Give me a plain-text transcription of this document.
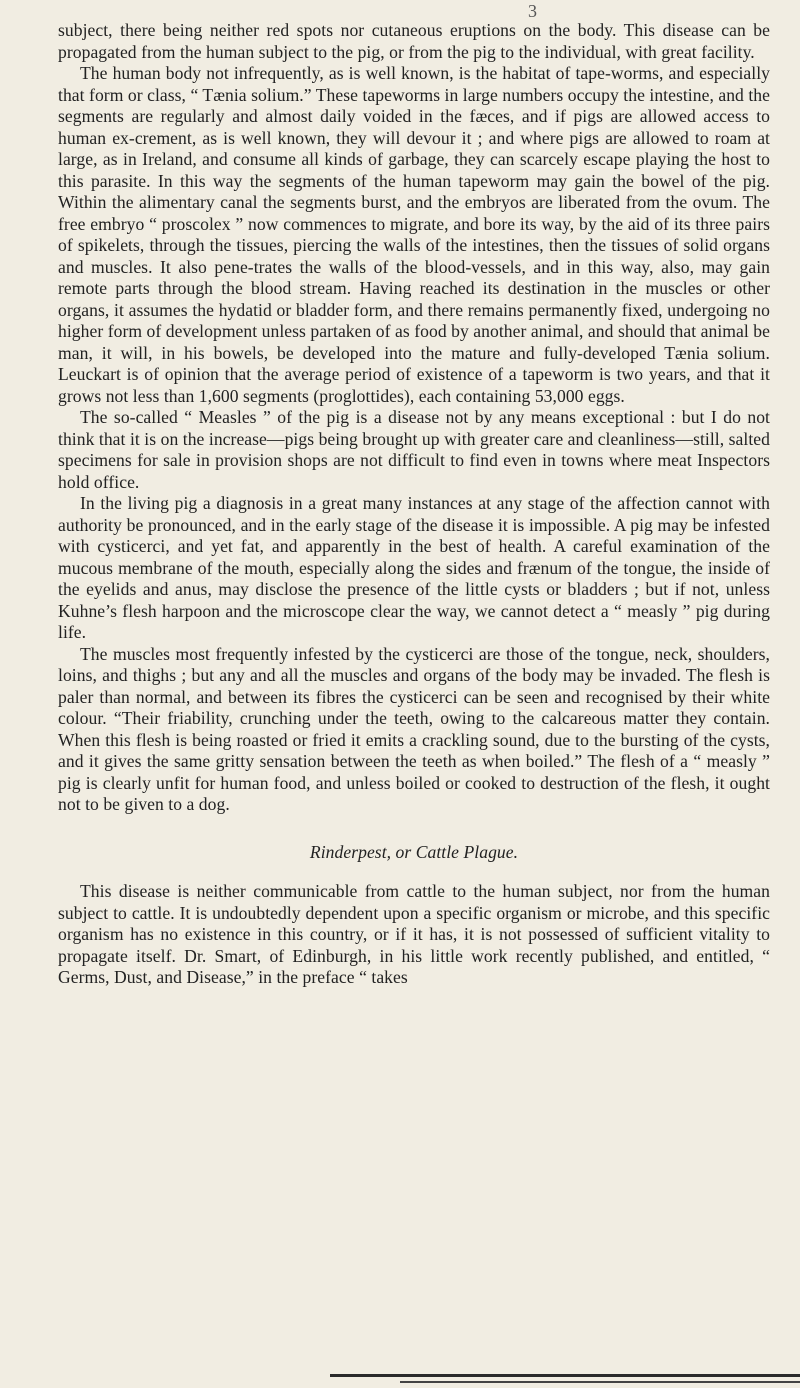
3

subject, there being neither red spots nor cutaneous eruptions on the body. This disease can be propagated from the human subject to the pig, or from the pig to the individual, with great facility.

The human body not infrequently, as is well known, is the habitat of tape-worms, and especially that form or class, “ Tænia solium.” These tapeworms in large numbers occupy the intestine, and the segments are regularly and almost daily voided in the fæces, and if pigs are allowed access to human ex-crement, as is well known, they will devour it ; and where pigs are allowed to roam at large, as in Ireland, and consume all kinds of garbage, they can scarcely escape playing the host to this parasite. In this way the segments of the human tapeworm may gain the bowel of the pig. Within the alimentary canal the segments burst, and the embryos are liberated from the ovum. The free embryo “ proscolex ” now commences to migrate, and bore its way, by the aid of its three pairs of spikelets, through the tissues, piercing the walls of the intestines, then the tissues of solid organs and muscles. It also pene-trates the walls of the blood-vessels, and in this way, also, may gain remote parts through the blood stream. Having reached its destination in the muscles or other organs, it assumes the hydatid or bladder form, and there remains permanently fixed, undergoing no higher form of development unless partaken of as food by another animal, and should that animal be man, it will, in his bowels, be developed into the mature and fully-developed Tænia solium. Leuckart is of opinion that the average period of existence of a tapeworm is two years, and that it grows not less than 1,600 segments (proglottides), each containing 53,000 eggs.

The so-called “ Measles ” of the pig is a disease not by any means exceptional : but I do not think that it is on the increase—pigs being brought up with greater care and cleanliness—still, salted specimens for sale in provision shops are not difficult to find even in towns where meat Inspectors hold office.

In the living pig a diagnosis in a great many instances at any stage of the affection cannot with authority be pronounced, and in the early stage of the disease it is impossible. A pig may be infested with cysticerci, and yet fat, and apparently in the best of health. A careful examination of the mucous membrane of the mouth, especially along the sides and frænum of the tongue, the inside of the eyelids and anus, may disclose the presence of the little cysts or bladders ; but if not, unless Kuhne’s flesh harpoon and the microscope clear the way, we cannot detect a “ measly ” pig during life.

The muscles most frequently infested by the cysticerci are those of the tongue, neck, shoulders, loins, and thighs ; but any and all the muscles and organs of the body may be invaded. The flesh is paler than normal, and between its fibres the cysticerci can be seen and recognised by their white colour. “Their friability, crunching under the teeth, owing to the calcareous matter they contain. When this flesh is being roasted or fried it emits a crackling sound, due to the bursting of the cysts, and it gives the same gritty sensation between the teeth as when boiled.” The flesh of a “ measly ” pig is clearly unfit for human food, and unless boiled or cooked to destruction of the flesh, it ought not to be given to a dog.

Rinderpest, or Cattle Plague.

This disease is neither communicable from cattle to the human subject, nor from the human subject to cattle. It is undoubtedly dependent upon a specific organism or microbe, and this specific organism has no existence in this country, or if it has, it is not possessed of sufficient vitality to propagate itself. Dr. Smart, of Edinburgh, in his little work recently published, and entitled, “ Germs, Dust, and Disease,” in the preface “ takes
